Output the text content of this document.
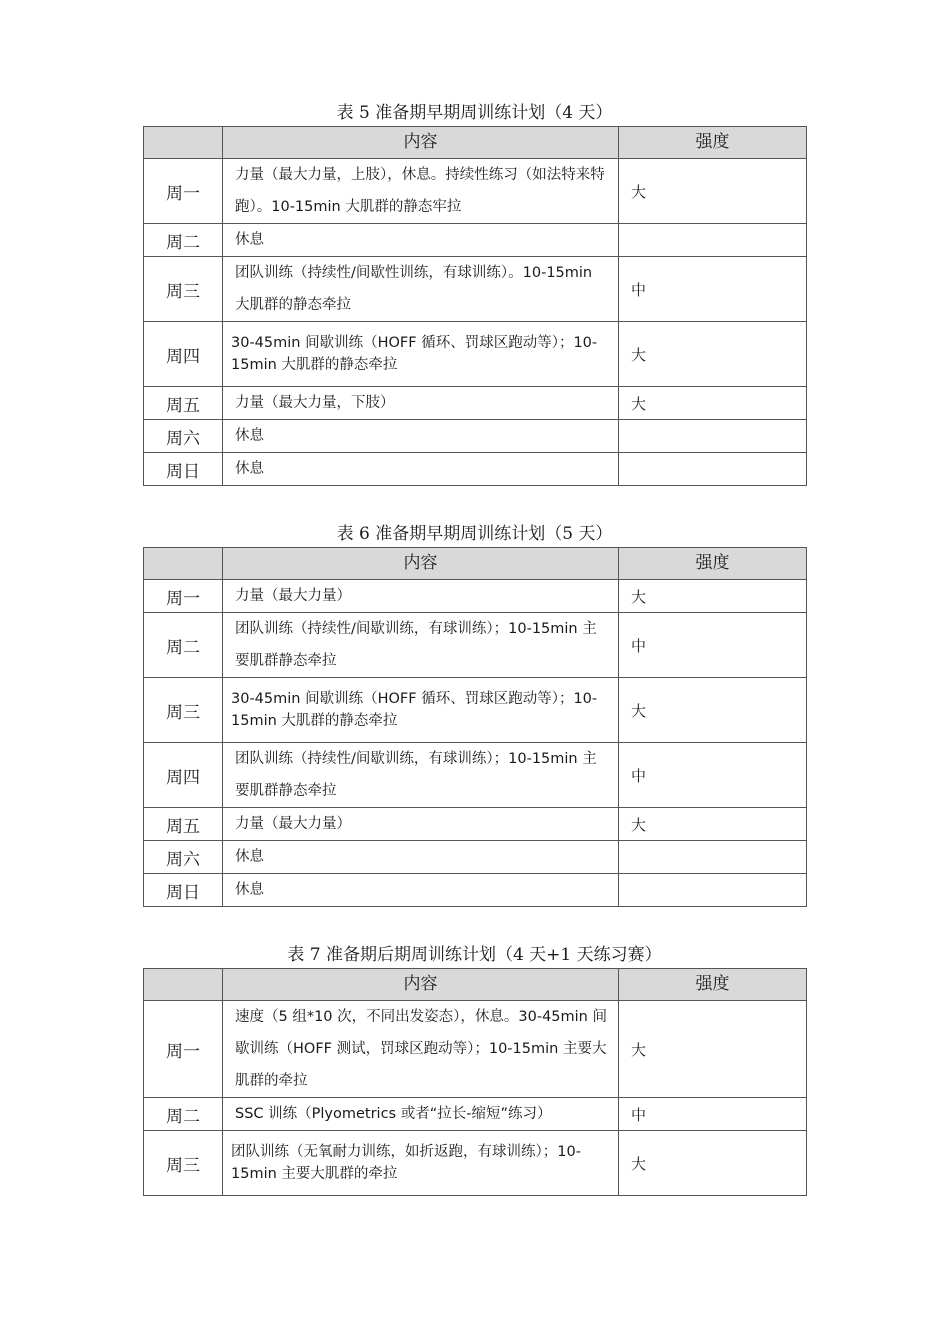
表 5 准备期早期周训练计划（4 天）
	内容	强度
周一	力量（最大力量，上肢），休息。持续性练习（如法特来特跑）。10-15min 大肌群的静态牢拉	大
周二	休息	
周三	团队训练（持续性/间歇性训练，有球训练）。10-15min 大肌群的静态牵拉	中
周四	30-45min 间歇训练（HOFF 循环、罚球区跑动等）；10-15min 大肌群的静态牵拉	大
周五	力量（最大力量，下肢）	大
周六	休息	
周日	休息	
表 6 准备期早期周训练计划（5 天）
	内容	强度
周一	力量（最大力量）	大
周二	团队训练（持续性/间歇训练，有球训练）；10-15min 主要肌群静态牵拉	中
周三	30-45min 间歇训练（HOFF 循环、罚球区跑动等）；10-15min 大肌群的静态牵拉	大
周四	团队训练（持续性/间歇训练，有球训练）；10-15min 主要肌群静态牵拉	中
周五	力量（最大力量）	大
周六	休息	
周日	休息	
表 7 准备期后期周训练计划（4 天+1 天练习赛）
	内容	强度
周一	速度（5 组*10 次，不同出发姿态），休息。30-45min 间歇训练（HOFF 测试，罚球区跑动等）；10-15min 主要大肌群的牵拉	大
周二	SSC 训练（Plyometrics 或者“拉长-缩短”练习）	中
周三	团队训练（无氧耐力训练，如折返跑，有球训练）；10-15min 主要大肌群的牵拉	大
